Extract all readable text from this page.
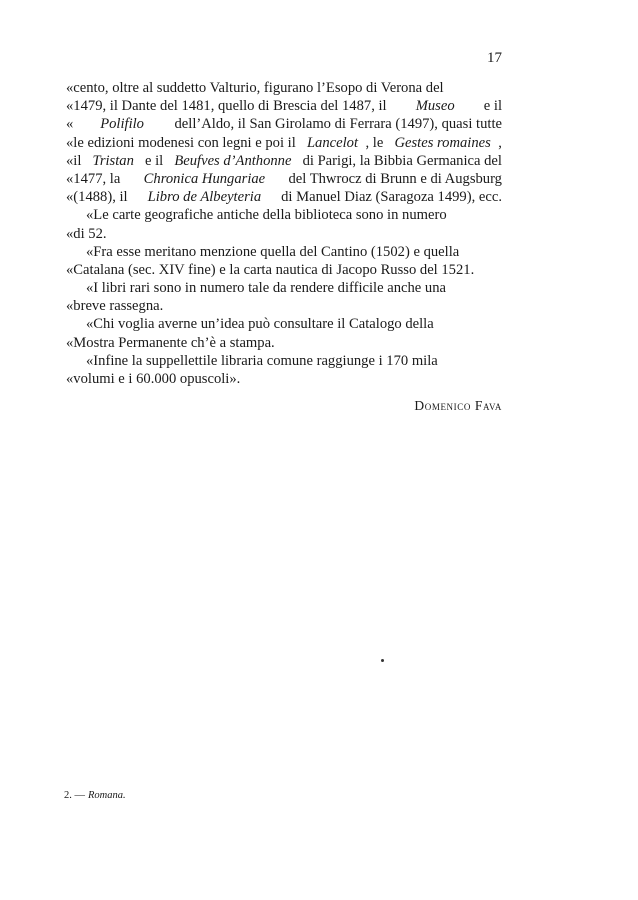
17
«cento, oltre al suddetto Valturio, figurano l’Esopo di Verona del
«1479, il Dante del 1481, quello di Brescia del 1487, il Museo e il
« Polifilo dell’Aldo, il San Girolamo di Ferrara (1497), quasi tutte
«le edizioni modenesi con legni e poi il Lancelot , le Gestes romaines ,
«il Tristan e il Beufves d’Anthonne di Parigi, la Bibbia Germanica del
«1477, la Chronica Hungariae del Thwrocz di Brunn e di Augsburg
«(1488), il Libro de Albeyteria di Manuel Diaz (Saragoza 1499), ecc.
«Le carte geografiche antiche della biblioteca sono in numero
«di 52.
«Fra esse meritano menzione quella del Cantino (1502) e quella
«Catalana (sec. XIV fine) e la carta nautica di Jacopo Russo del 1521.
«I libri rari sono in numero tale da rendere difficile anche una
«breve rassegna.
«Chi voglia averne un’idea può consultare il Catalogo della
«Mostra Permanente ch’è a stampa.
«Infine la suppellettile libraria comune raggiunge i 170 mila
«volumi e i 60.000 opuscoli».
Domenico Fava
2. — Romana.
